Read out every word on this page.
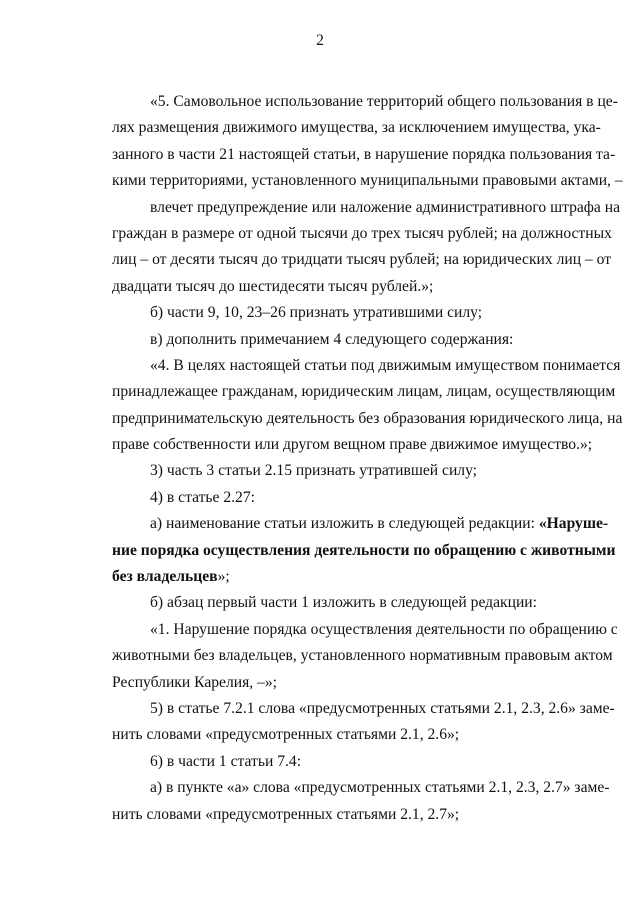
2
«5. Самовольное использование территорий общего пользования в це-
лях размещения движимого имущества, за исключением имущества, ука-
занного в части 21 настоящей статьи, в нарушение порядка пользования та-
кими территориями, установленного муниципальными правовыми актами, –
влечет предупреждение или наложение административного штрафа на
граждан в размере от одной тысячи до трех тысяч рублей; на должностных
лиц – от десяти тысяч до тридцати тысяч рублей; на юридических лиц – от
двадцати тысяч до шестидесяти тысяч рублей.»;
б) части 9, 10, 23–26 признать утратившими силу;
в) дополнить примечанием 4 следующего содержания:
«4. В целях настоящей статьи под движимым имуществом понимается
принадлежащее гражданам, юридическим лицам, лицам, осуществляющим
предпринимательскую деятельность без образования юридического лица, на
праве собственности или другом вещном праве движимое имущество.»;
3) часть 3 статьи 2.15 признать утратившей силу;
4) в статье 2.27:
а) наименование статьи изложить в следующей редакции: «Наруше-
ние порядка осуществления деятельности по обращению с животными
без владельцев»;
б) абзац первый части 1 изложить в следующей редакции:
«1. Нарушение порядка осуществления деятельности по обращению с
животными без владельцев, установленного нормативным правовым актом
Республики Карелия, –»;
5) в статье 7.2.1 слова «предусмотренных статьями 2.1, 2.3, 2.6» заме-
нить словами «предусмотренных статьями 2.1, 2.6»;
6) в части 1 статьи 7.4:
а) в пункте «а» слова «предусмотренных статьями 2.1, 2.3, 2.7» заме-
нить словами «предусмотренных статьями 2.1, 2.7»;
